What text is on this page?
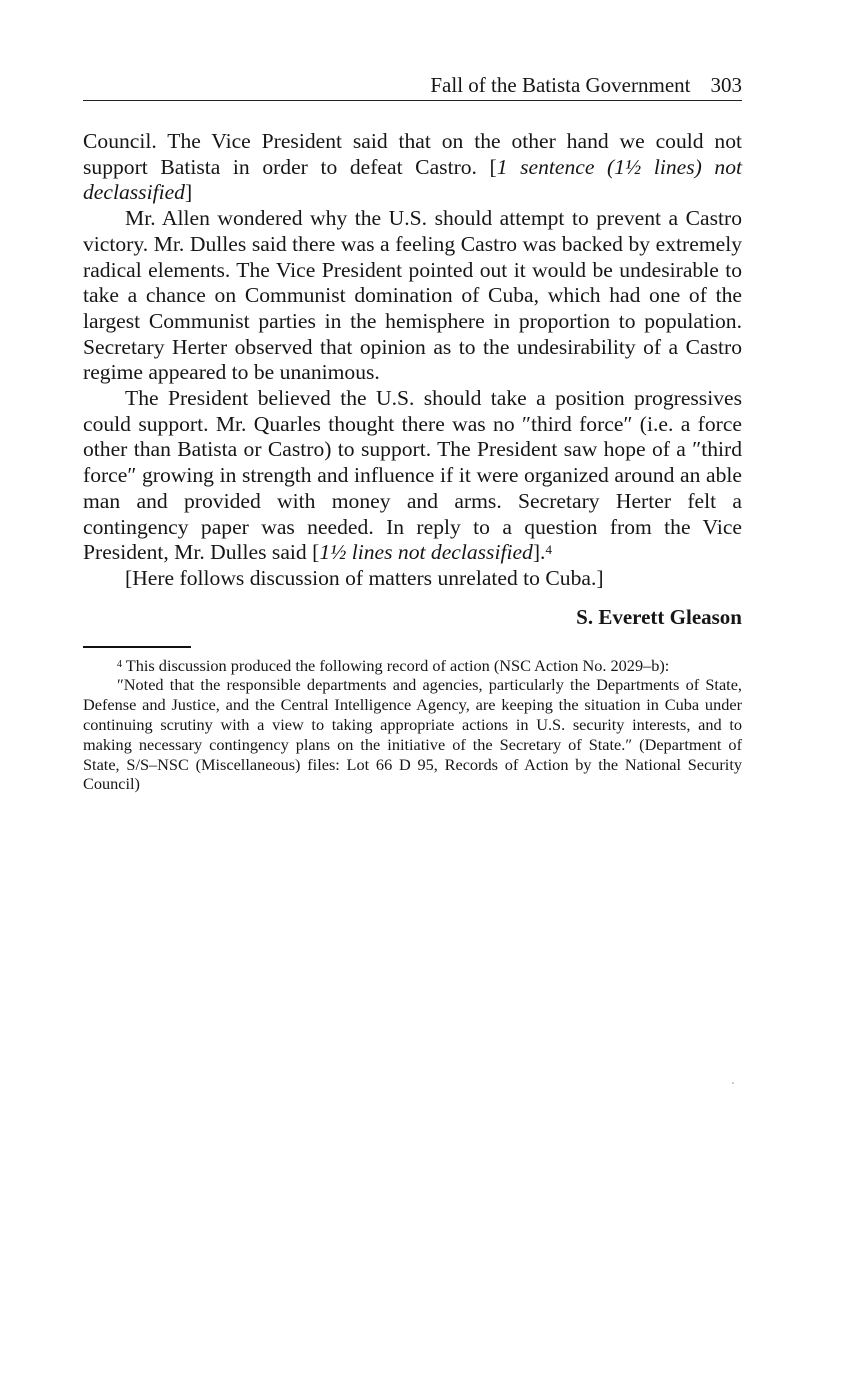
Fall of the Batista Government 303

Council. The Vice President said that on the other hand we could not support Batista in order to defeat Castro. [1 sentence (1½ lines) not declassified]

Mr. Allen wondered why the U.S. should attempt to prevent a Castro victory. Mr. Dulles said there was a feeling Castro was backed by extremely radical elements. The Vice President pointed out it would be undesirable to take a chance on Communist domination of Cuba, which had one of the largest Communist parties in the hemisphere in proportion to population. Secretary Herter observed that opinion as to the undesirability of a Castro regime appeared to be unanimous.

The President believed the U.S. should take a position progressives could support. Mr. Quarles thought there was no ″third force″ (i.e. a force other than Batista or Castro) to support. The President saw hope of a ″third force″ growing in strength and influence if it were organized around an able man and provided with money and arms. Secretary Herter felt a contingency paper was needed. In reply to a question from the Vice President, Mr. Dulles said [1½ lines not declassified].$^4$

[Here follows discussion of matters unrelated to Cuba.]

S. Everett Gleason

$^4$ This discussion produced the following record of action (NSC Action No. 2029–b):

″Noted that the responsible departments and agencies, particularly the Departments of State, Defense and Justice, and the Central Intelligence Agency, are keeping the situation in Cuba under continuing scrutiny with a view to taking appropriate actions in U.S. security interests, and to making necessary contingency plans on the initiative of the Secretary of State.″ (Department of State, S/S–NSC (Miscellaneous) files: Lot 66 D 95, Records of Action by the National Security Council)
